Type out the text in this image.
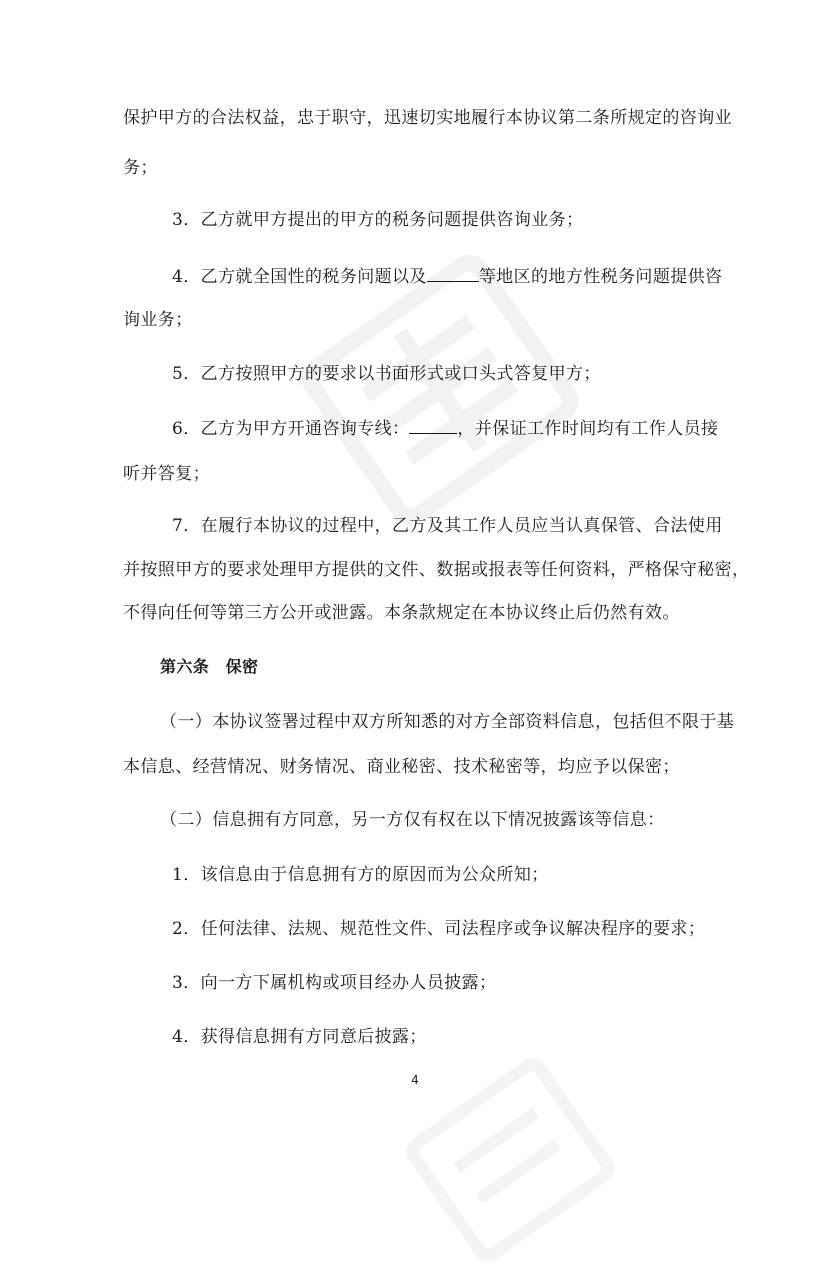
保护甲方的合法权益，忠于职守，迅速切实地履行本协议第二条所规定的咨询业
务；
3．乙方就甲方提出的甲方的税务问题提供咨询业务；
4．乙方就全国性的税务问题以及	等地区的地方性税务问题提供咨
询业务；
5．乙方按照甲方的要求以书面形式或口头式答复甲方；
6．乙方为甲方开通咨询专线：	，并保证工作时间均有工作人员接
听并答复；
7．在履行本协议的过程中，乙方及其工作人员应当认真保管、合法使用
并按照甲方的要求处理甲方提供的文件、数据或报表等任何资料，严格保守秘密，
不得向任何等第三方公开或泄露。本条款规定在本协议终止后仍然有效。
第六条　保密
（一）本协议签署过程中双方所知悉的对方全部资料信息，包括但不限于基
本信息、经营情况、财务情况、商业秘密、技术秘密等，均应予以保密；
（二）信息拥有方同意，另一方仅有权在以下情况披露该等信息：
1．该信息由于信息拥有方的原因而为公众所知；
2．任何法律、法规、规范性文件、司法程序或争议解决程序的要求；
3．向一方下属机构或项目经办人员披露；
4．获得信息拥有方同意后披露；
4
